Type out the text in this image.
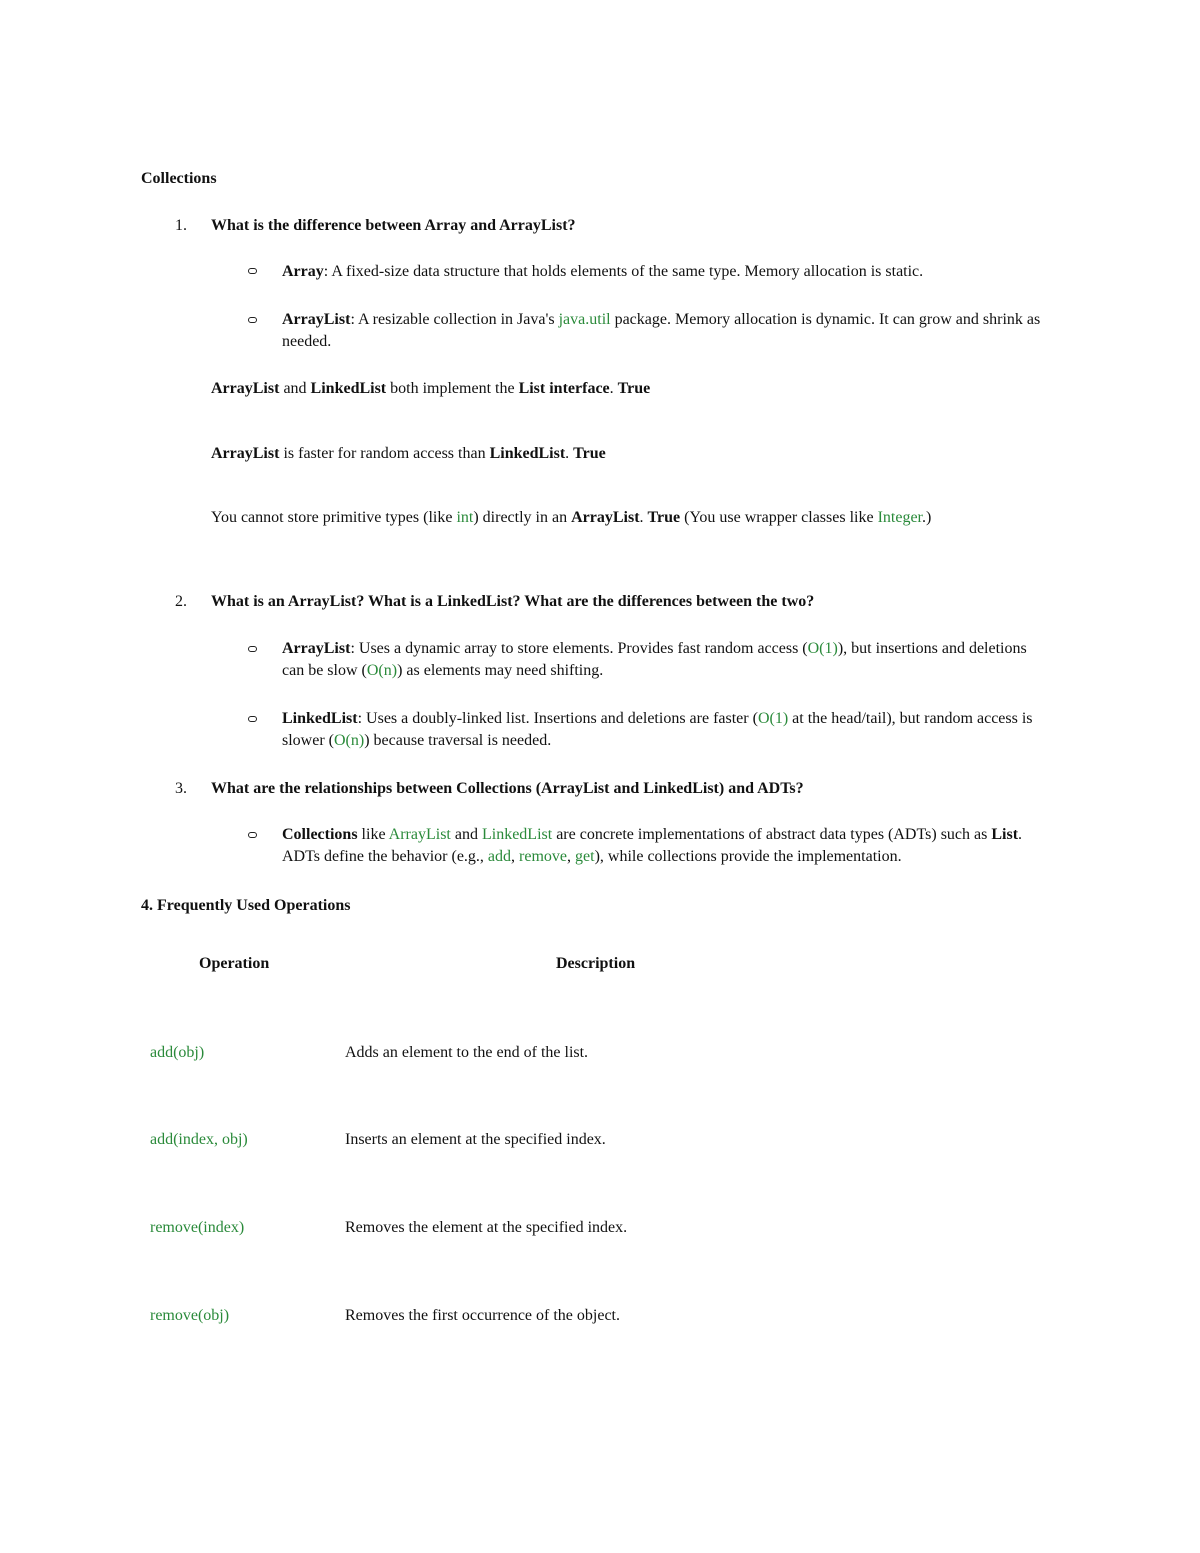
Collections
1. What is the difference between Array and ArrayList?
Array: A fixed-size data structure that holds elements of the same type. Memory allocation is static.
ArrayList: A resizable collection in Java's java.util package. Memory allocation is dynamic. It can grow and shrink as needed.
ArrayList and LinkedList both implement the List interface. True
ArrayList is faster for random access than LinkedList. True
You cannot store primitive types (like int) directly in an ArrayList. True (You use wrapper classes like Integer.)
2. What is an ArrayList? What is a LinkedList? What are the differences between the two?
ArrayList: Uses a dynamic array to store elements. Provides fast random access (O(1)), but insertions and deletions can be slow (O(n)) as elements may need shifting.
LinkedList: Uses a doubly-linked list. Insertions and deletions are faster (O(1) at the head/tail), but random access is slower (O(n)) because traversal is needed.
3. What are the relationships between Collections (ArrayList and LinkedList) and ADTs?
Collections like ArrayList and LinkedList are concrete implementations of abstract data types (ADTs) such as List. ADTs define the behavior (e.g., add, remove, get), while collections provide the implementation.
4. Frequently Used Operations
Operation	Description
add(obj)	Adds an element to the end of the list.
add(index, obj)	Inserts an element at the specified index.
remove(index)	Removes the element at the specified index.
remove(obj)	Removes the first occurrence of the object.
